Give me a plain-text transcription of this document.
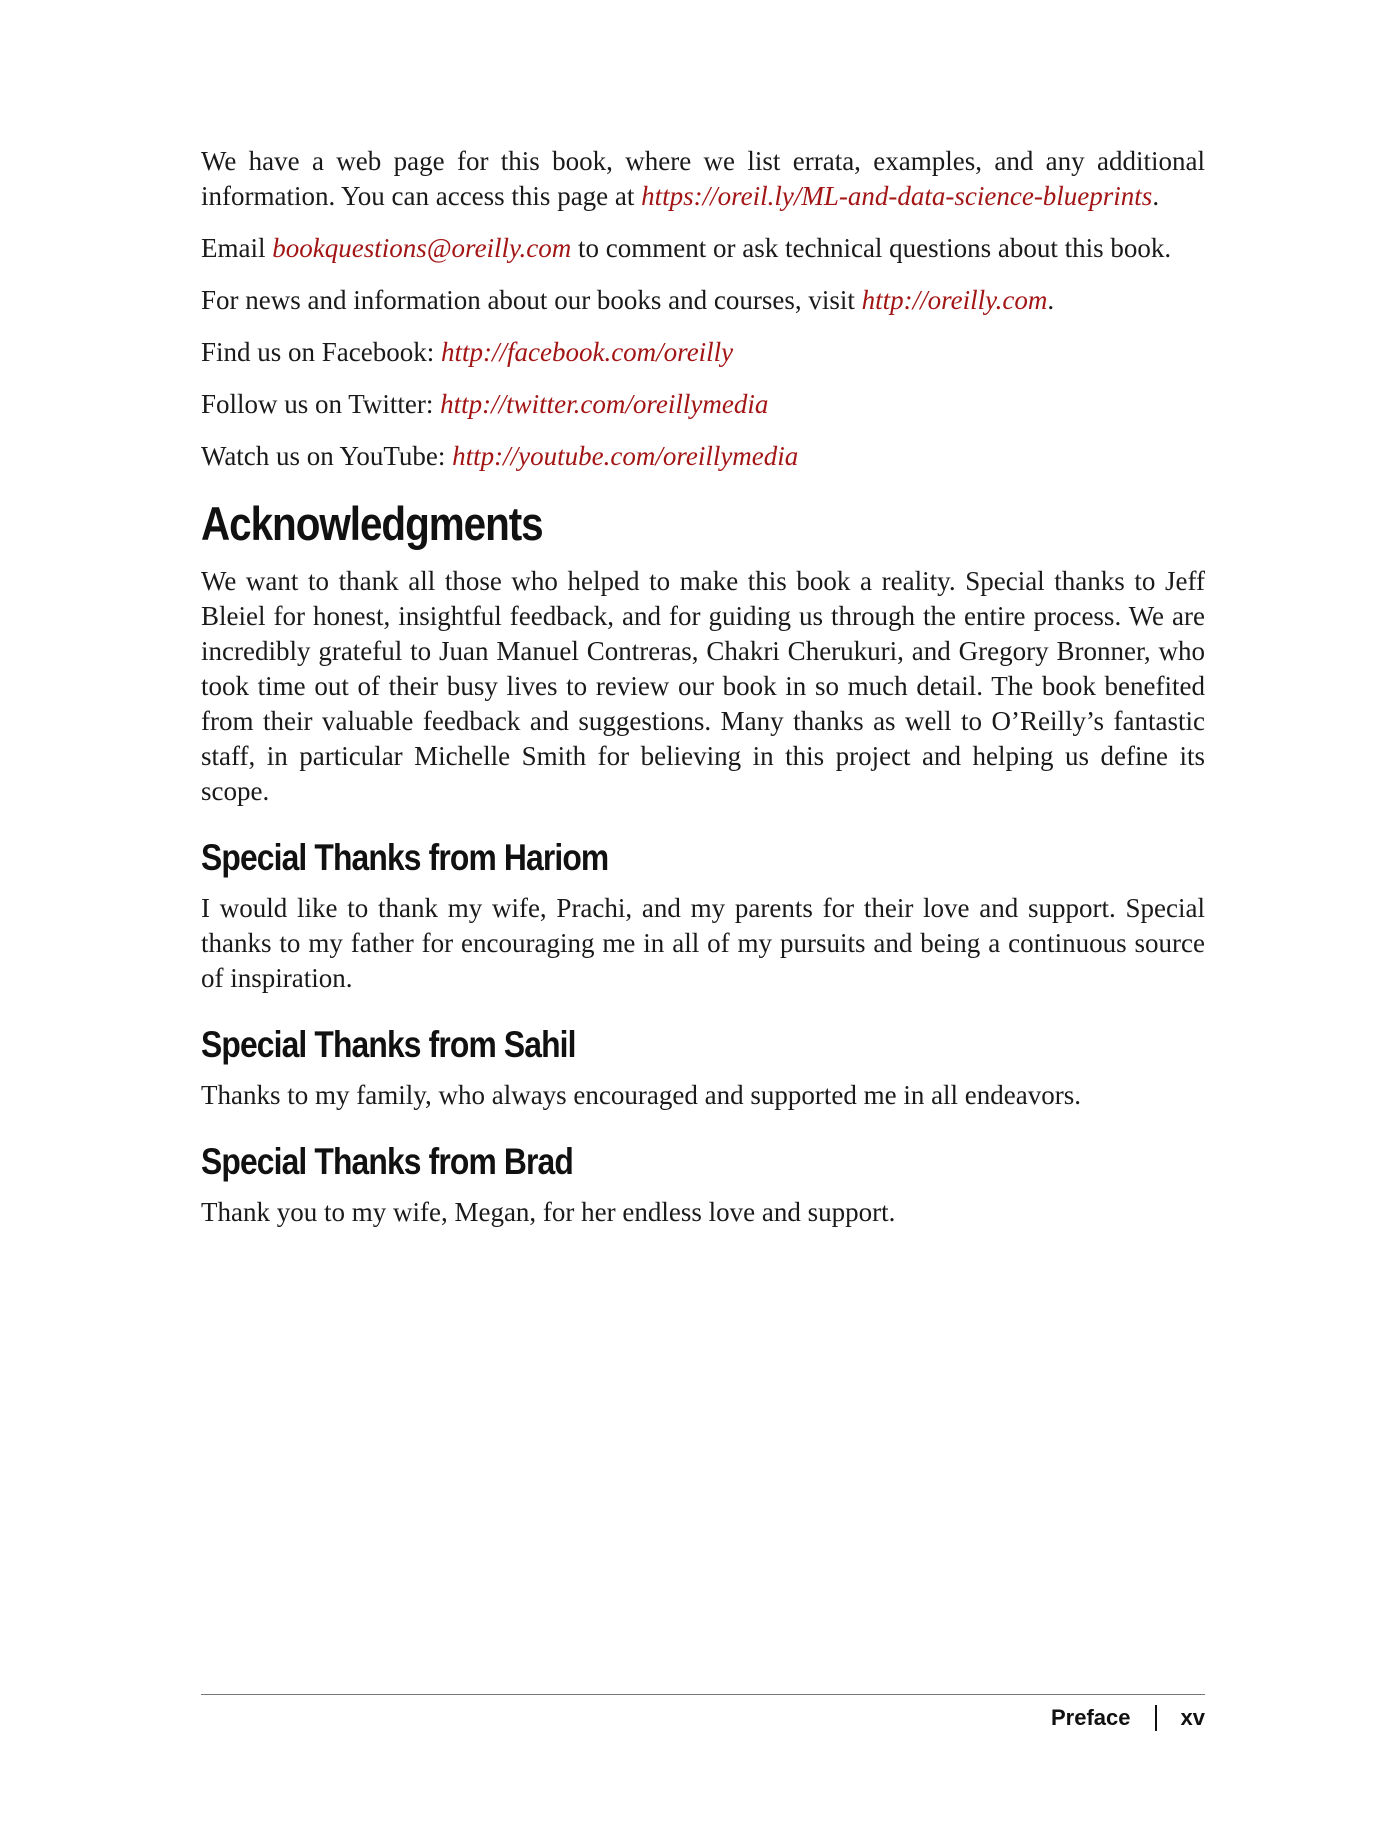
We have a web page for this book, where we list errata, examples, and any additional information. You can access this page at https://oreil.ly/ML-and-data-science-blueprints.

Email bookquestions@oreilly.com to comment or ask technical questions about this book.

For news and information about our books and courses, visit http://oreilly.com.

Find us on Facebook: http://facebook.com/oreilly

Follow us on Twitter: http://twitter.com/oreillymedia

Watch us on YouTube: http://youtube.com/oreillymedia

Acknowledgments

We want to thank all those who helped to make this book a reality. Special thanks to Jeff Bleiel for honest, insightful feedback, and for guiding us through the entire process. We are incredibly grateful to Juan Manuel Contreras, Chakri Cherukuri, and Gregory Bronner, who took time out of their busy lives to review our book in so much detail. The book benefited from their valuable feedback and suggestions. Many thanks as well to O’Reilly’s fantastic staff, in particular Michelle Smith for believing in this project and helping us define its scope.

Special Thanks from Hariom

I would like to thank my wife, Prachi, and my parents for their love and support. Special thanks to my father for encouraging me in all of my pursuits and being a continuous source of inspiration.

Special Thanks from Sahil

Thanks to my family, who always encouraged and supported me in all endeavors.

Special Thanks from Brad

Thank you to my wife, Megan, for her endless love and support.

Preface xv
